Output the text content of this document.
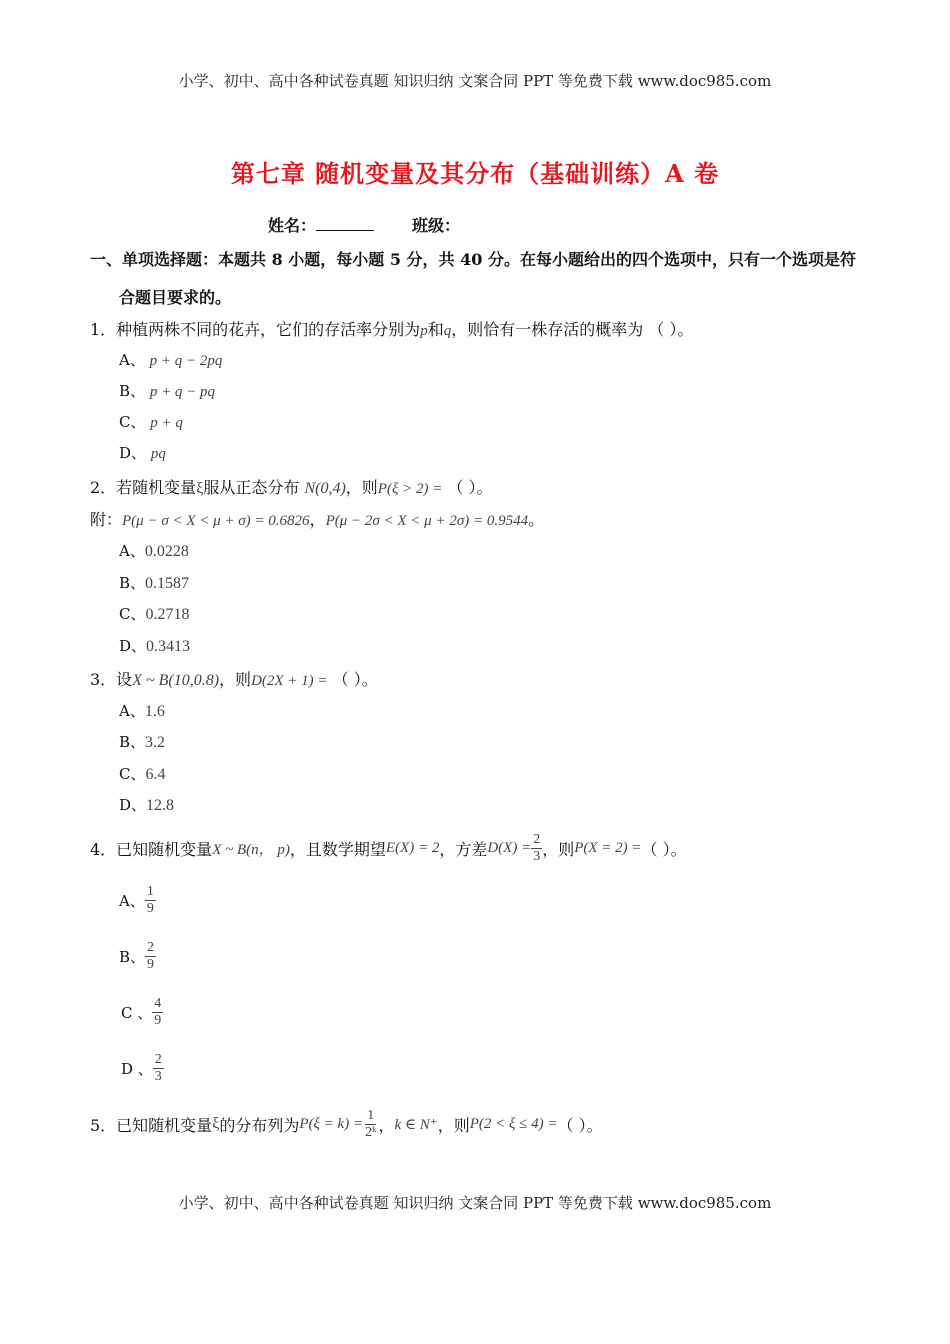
小学、初中、高中各种试卷真题 知识归纳 文案合同 PPT 等免费下载 www.doc985.com
第七章 随机变量及其分布（基础训练）A 卷
姓名：	班级：
一、单项选择题：本题共 8 小题，每小题 5 分，共 40 分。在每小题给出的四个选项中，只有一个选项是符
合题目要求的。
1．种植两株不同的花卉，它们的存活率分别为p和q，则恰有一株存活的概率为 （ ）。
A、 p + q − 2pq
B、 p + q − pq
C、 p + q
D、 pq
2．若随机变量ξ服从正态分布 N(0,4)，则P(ξ > 2) = （ ）。
附：P(μ − σ < X < μ + σ) = 0.6826，P(μ − 2σ < X < μ + 2σ) = 0.9544。
A、0.0228
B、0.1587
C、0.2718
D、0.3413
3．设X ~ B(10,0.8)，则D(2X + 1) = （ ）。
A、1.6
B、3.2
C、6.4
D、12.8
4．已知随机变量 X ~ B(n， p) ，且数学期望 E(X) = 2 ，方差 $D(X) = \frac{2}{3}$ ，则 P(X = 2) = （ ）。
A、 $\frac{1}{9}$
B、 $\frac{2}{9}$
C 、 $\frac{4}{9}$
D 、 $\frac{2}{3}$
5．已知随机变量 ξ 的分布列为 $P(\xi = k) = \frac{1}{\text{2ᵏ}}$ ， k ∈ N⁺ ，则 P(2 < ξ ≤ 4) = （ ）。
小学、初中、高中各种试卷真题 知识归纳 文案合同 PPT 等免费下载 www.doc985.com
